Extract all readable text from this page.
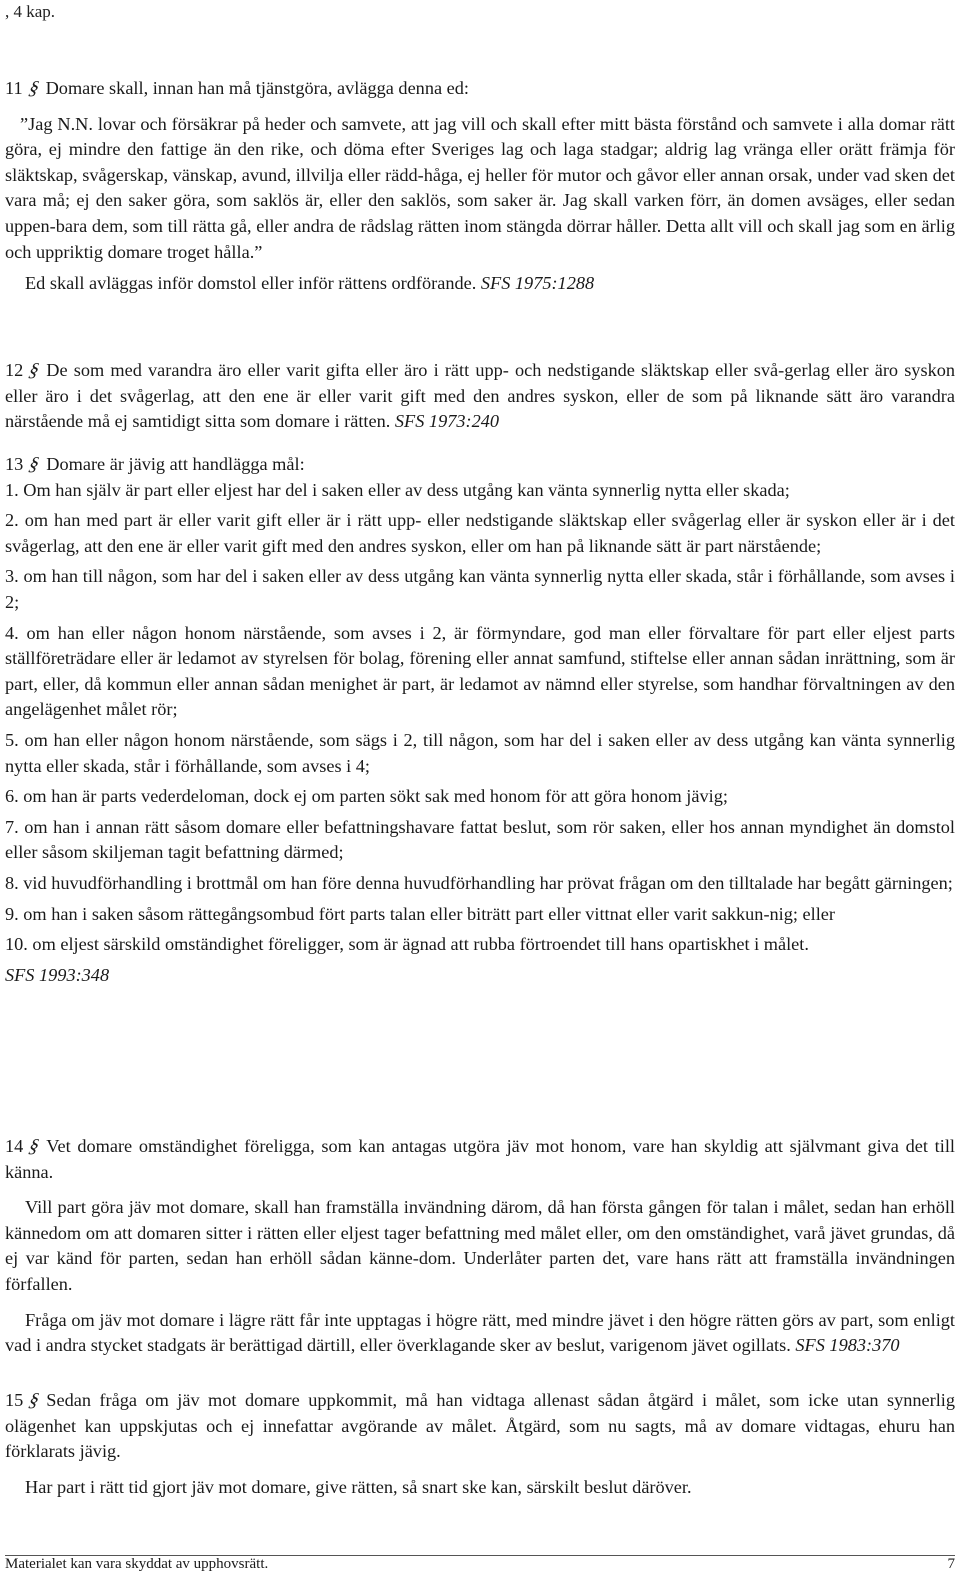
, 4 kap.

11 § Domare skall, innan han må tjänstgöra, avlägga denna ed:

”Jag N.N. lovar och försäkrar på heder och samvete, att jag vill och skall efter mitt bästa förstånd och samvete i alla domar rätt göra, ej mindre den fattige än den rike, och döma efter Sveriges lag och laga stadgar; aldrig lag vränga eller orätt främja för släktskap, svågerskap, vänskap, avund, illvilja eller rädd-håga, ej heller för mutor och gåvor eller annan orsak, under vad sken det vara må; ej den saker göra, som saklös är, eller den saklös, som saker är. Jag skall varken förr, än domen avsäges, eller sedan uppen-bara dem, som till rätta gå, eller andra de rådslag rätten inom stängda dörrar håller. Detta allt vill och skall jag som en ärlig och uppriktig domare troget hålla.”

Ed skall avläggas inför domstol eller inför rättens ordförande. SFS 1975:1288

12 § De som med varandra äro eller varit gifta eller äro i rätt upp- och nedstigande släktskap eller svå-gerlag eller äro syskon eller äro i det svågerlag, att den ene är eller varit gift med den andres syskon, eller de som på liknande sätt äro varandra närstående må ej samtidigt sitta som domare i rätten. SFS 1973:240

13 § Domare är jävig att handlägga mål:

1. Om han själv är part eller eljest har del i saken eller av dess utgång kan vänta synnerlig nytta eller skada;

2. om han med part är eller varit gift eller är i rätt upp- eller nedstigande släktskap eller svågerlag eller är syskon eller är i det svågerlag, att den ene är eller varit gift med den andres syskon, eller om han på liknande sätt är part närstående;

3. om han till någon, som har del i saken eller av dess utgång kan vänta synnerlig nytta eller skada, står i förhållande, som avses i 2;

4. om han eller någon honom närstående, som avses i 2, är förmyndare, god man eller förvaltare för part eller eljest parts ställföreträdare eller är ledamot av styrelsen för bolag, förening eller annat samfund, stiftelse eller annan sådan inrättning, som är part, eller, då kommun eller annan sådan menighet är part, är ledamot av nämnd eller styrelse, som handhar förvaltningen av den angelägenhet målet rör;

5. om han eller någon honom närstående, som sägs i 2, till någon, som har del i saken eller av dess utgång kan vänta synnerlig nytta eller skada, står i förhållande, som avses i 4;

6. om han är parts vederdeloman, dock ej om parten sökt sak med honom för att göra honom jävig;

7. om han i annan rätt såsom domare eller befattningshavare fattat beslut, som rör saken, eller hos annan myndighet än domstol eller såsom skiljeman tagit befattning därmed;

8. vid huvudförhandling i brottmål om han före denna huvudförhandling har prövat frågan om den tilltalade har begått gärningen;

9. om han i saken såsom rättegångsombud fört parts talan eller biträtt part eller vittnat eller varit sakkun-nig; eller

10. om eljest särskild omständighet föreligger, som är ägnad att rubba förtroendet till hans opartiskhet i målet.

SFS 1993:348

14 § Vet domare omständighet föreligga, som kan antagas utgöra jäv mot honom, vare han skyldig att självmant giva det till känna.

Vill part göra jäv mot domare, skall han framställa invändning därom, då han första gången för talan i målet, sedan han erhöll kännedom om att domaren sitter i rätten eller eljest tager befattning med målet eller, om den omständighet, varå jävet grundas, då ej var känd för parten, sedan han erhöll sådan känne-dom. Underlåter parten det, vare hans rätt att framställa invändningen förfallen.

Fråga om jäv mot domare i lägre rätt får inte upptagas i högre rätt, med mindre jävet i den högre rätten görs av part, som enligt vad i andra stycket stadgats är berättigad därtill, eller överklagande sker av beslut, varigenom jävet ogillats. SFS 1983:370

15 § Sedan fråga om jäv mot domare uppkommit, må han vidtaga allenast sådan åtgärd i målet, som icke utan synnerlig olägenhet kan uppskjutas och ej innefattar avgörande av målet. Åtgärd, som nu sagts, må av domare vidtagas, ehuru han förklarats jävig.

Har part i rätt tid gjort jäv mot domare, give rätten, så snart ske kan, särskilt beslut däröver.

Materialet kan vara skyddat av upphovsrätt.	7
